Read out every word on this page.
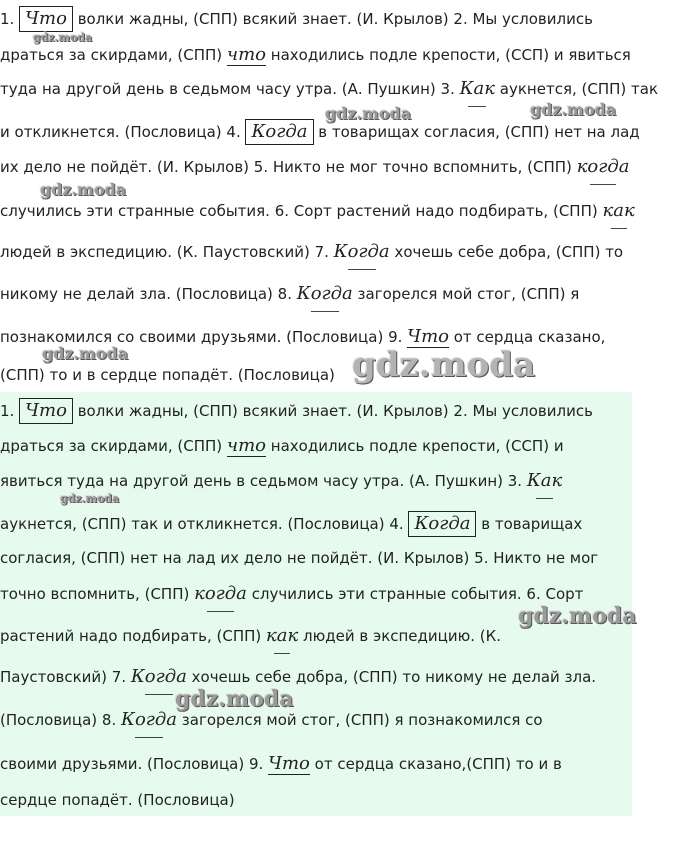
1. Что волки жадны, (СПП) всякий знает. (И. Крылов) 2. Мы условились
драться за скирдами, (СПП) что находились подле крепости, (ССП) и явиться
туда на другой день в седьмом часу утра. (А. Пушкин) 3. Как аукнется, (СПП) так
и откликнется. (Пословица) 4. Когда в товарищах согласия, (СПП) нет на лад
их дело не пойдёт. (И. Крылов) 5. Никто не мог точно вспомнить, (СПП) когда
случились эти странные события. 6. Сорт растений надо подбирать, (СПП) как
людей в экспедицию. (К. Паустовский) 7. Когда хочешь себе добра, (СПП) то
никому не делай зла. (Пословица) 8. Когда загорелся мой стог, (СПП) я
познакомился со своими друзьями. (Пословица) 9. Что от сердца сказано,
(СПП) то и в сердце попадёт. (Пословица)
1. Что волки жадны, (СПП) всякий знает. (И. Крылов) 2. Мы условились
драться за скирдами, (СПП) что находились подле крепости, (ССП) и
явиться туда на другой день в седьмом часу утра. (А. Пушкин) 3. Как
аукнется, (СПП) так и откликнется. (Пословица) 4. Когда в товарищах
согласия, (СПП) нет на лад их дело не пойдёт. (И. Крылов) 5. Никто не мог
точно вспомнить, (СПП) когда случились эти странные события. 6. Сорт
растений надо подбирать, (СПП) как людей в экспедицию. (К.
Паустовский) 7. Когда хочешь себе добра, (СПП) то никому не делай зла.
(Пословица) 8. Когда загорелся мой стог, (СПП) я познакомился со
своими друзьями. (Пословица) 9. Что от сердца сказано,(СПП) то и в
сердце попадёт. (Пословица)
gdz.moda
gdz.moda	gdz.moda
gdz.moda
gdz.moda	gdz.moda
gdz.moda
gdz.moda
gdz.moda
